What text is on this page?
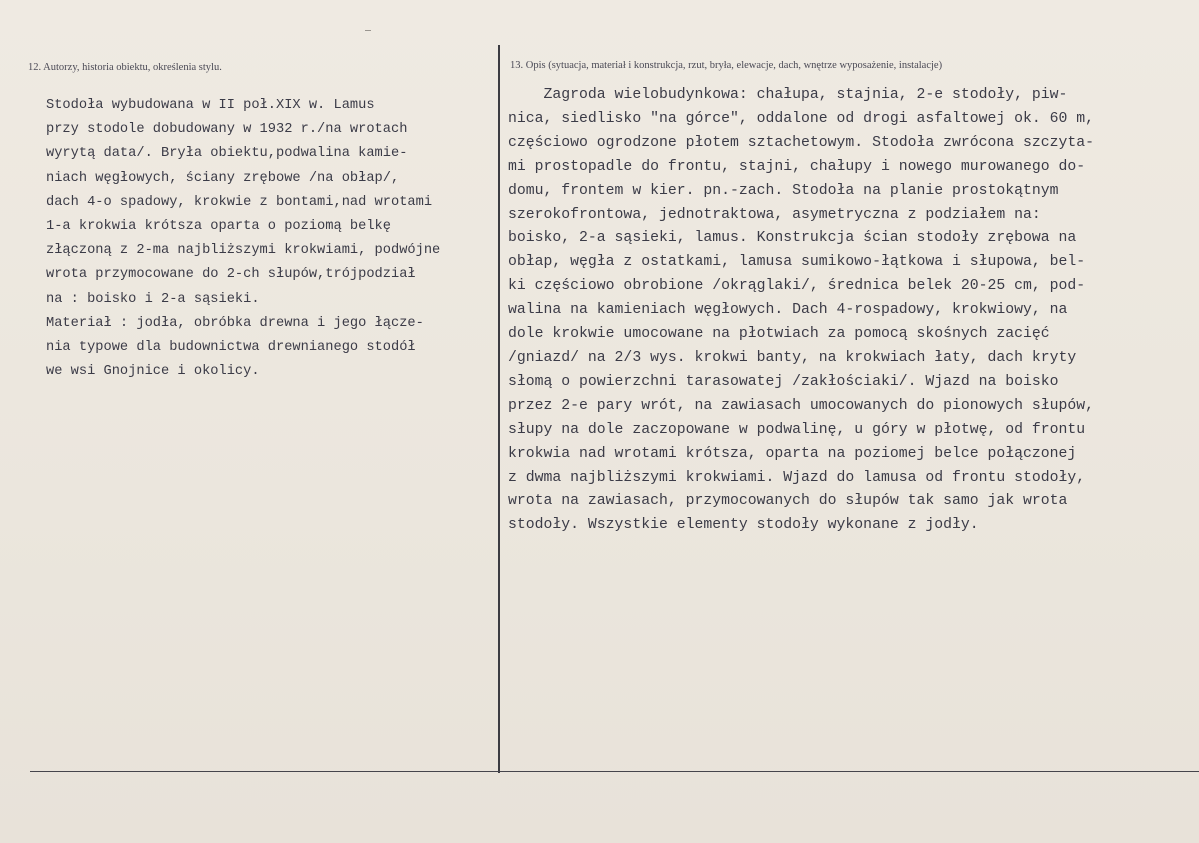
12. Autorzy, historia obiektu, określenia stylu.
Stodoła wybudowana w II poł.XIX w. Lamus
przy stodole dobudowany w 1932 r./na wrotach
wyrytą data/. Bryła obiektu,podwalina kamie-
niach węgłowych, ściany zrębowe /na obłap/,
dach 4-o spadowy, krokwie z bontami,nad wrotami
1-a krokwia krótsza oparta o poziomą belkę
złączoną z 2-ma najbliższymi krokwiami, podwójne
wrota przymocowane do 2-ch słupów,trójpodział
na : boisko i 2-a sąsieki.
Materiał : jodła, obróbka drewna i jego łącze-
nia typowe dla budownictwa drewnianego stodół
we wsi Gnojnice i okolicy.
13. Opis (sytuacja, materiał i konstrukcja, rzut, bryła, elewacje, dach, wnętrze wyposażenie, instalacje)
Zagroda wielobudynkowa: chałupa, stajnia, 2-e stodoły, piw-
nica, siedlisko "na górce", oddalone od drogi asfaltowej ok. 60 m,
częściowo ogrodzone płotem sztachetowym. Stodoła zwrócona szczyta-
mi prostopadle do frontu, stajni, chałupy i nowego murowanego do-
domu, frontem w kier. pn.-zach. Stodoła na planie prostokątnym
szerokofrontowa, jednotraktowa, asymetryczna z podziałem na:
boisko, 2-a sąsieki, lamus. Konstrukcja ścian stodoły zrębowa na
obłap, węgła z ostatkami, lamusa sumikowo-łątkowa i słupowa, bel-
ki częściowo obrobione /okrąglaki/, średnica belek 20-25 cm, pod-
walina na kamieniach węgłowych. Dach 4-rospadowy, krokwiowy, na
dole krokwie umocowane na płotwiach za pomocą skośnych zacięć
/gniazd/ na 2/3 wys. krokwi banty, na krokwiach łaty, dach kryty
słomą o powierzchni tarasowatej /zakłościaki/. Wjazd na boisko
przez 2-e pary wrót, na zawiasach umocowanych do pionowych słupów,
słupy na dole zaczopowane w podwalinę, u góry w płotwę, od frontu
krokwia nad wrotami krótsza, oparta na poziomej belce połączonej
z dwma najbliższymi krokwiami. Wjazd do lamusa od frontu stodoły,
wrota na zawiasach, przymocowanych do słupów tak samo jak wrota
stodoły. Wszystkie elementy stodoły wykonane z jodły.
